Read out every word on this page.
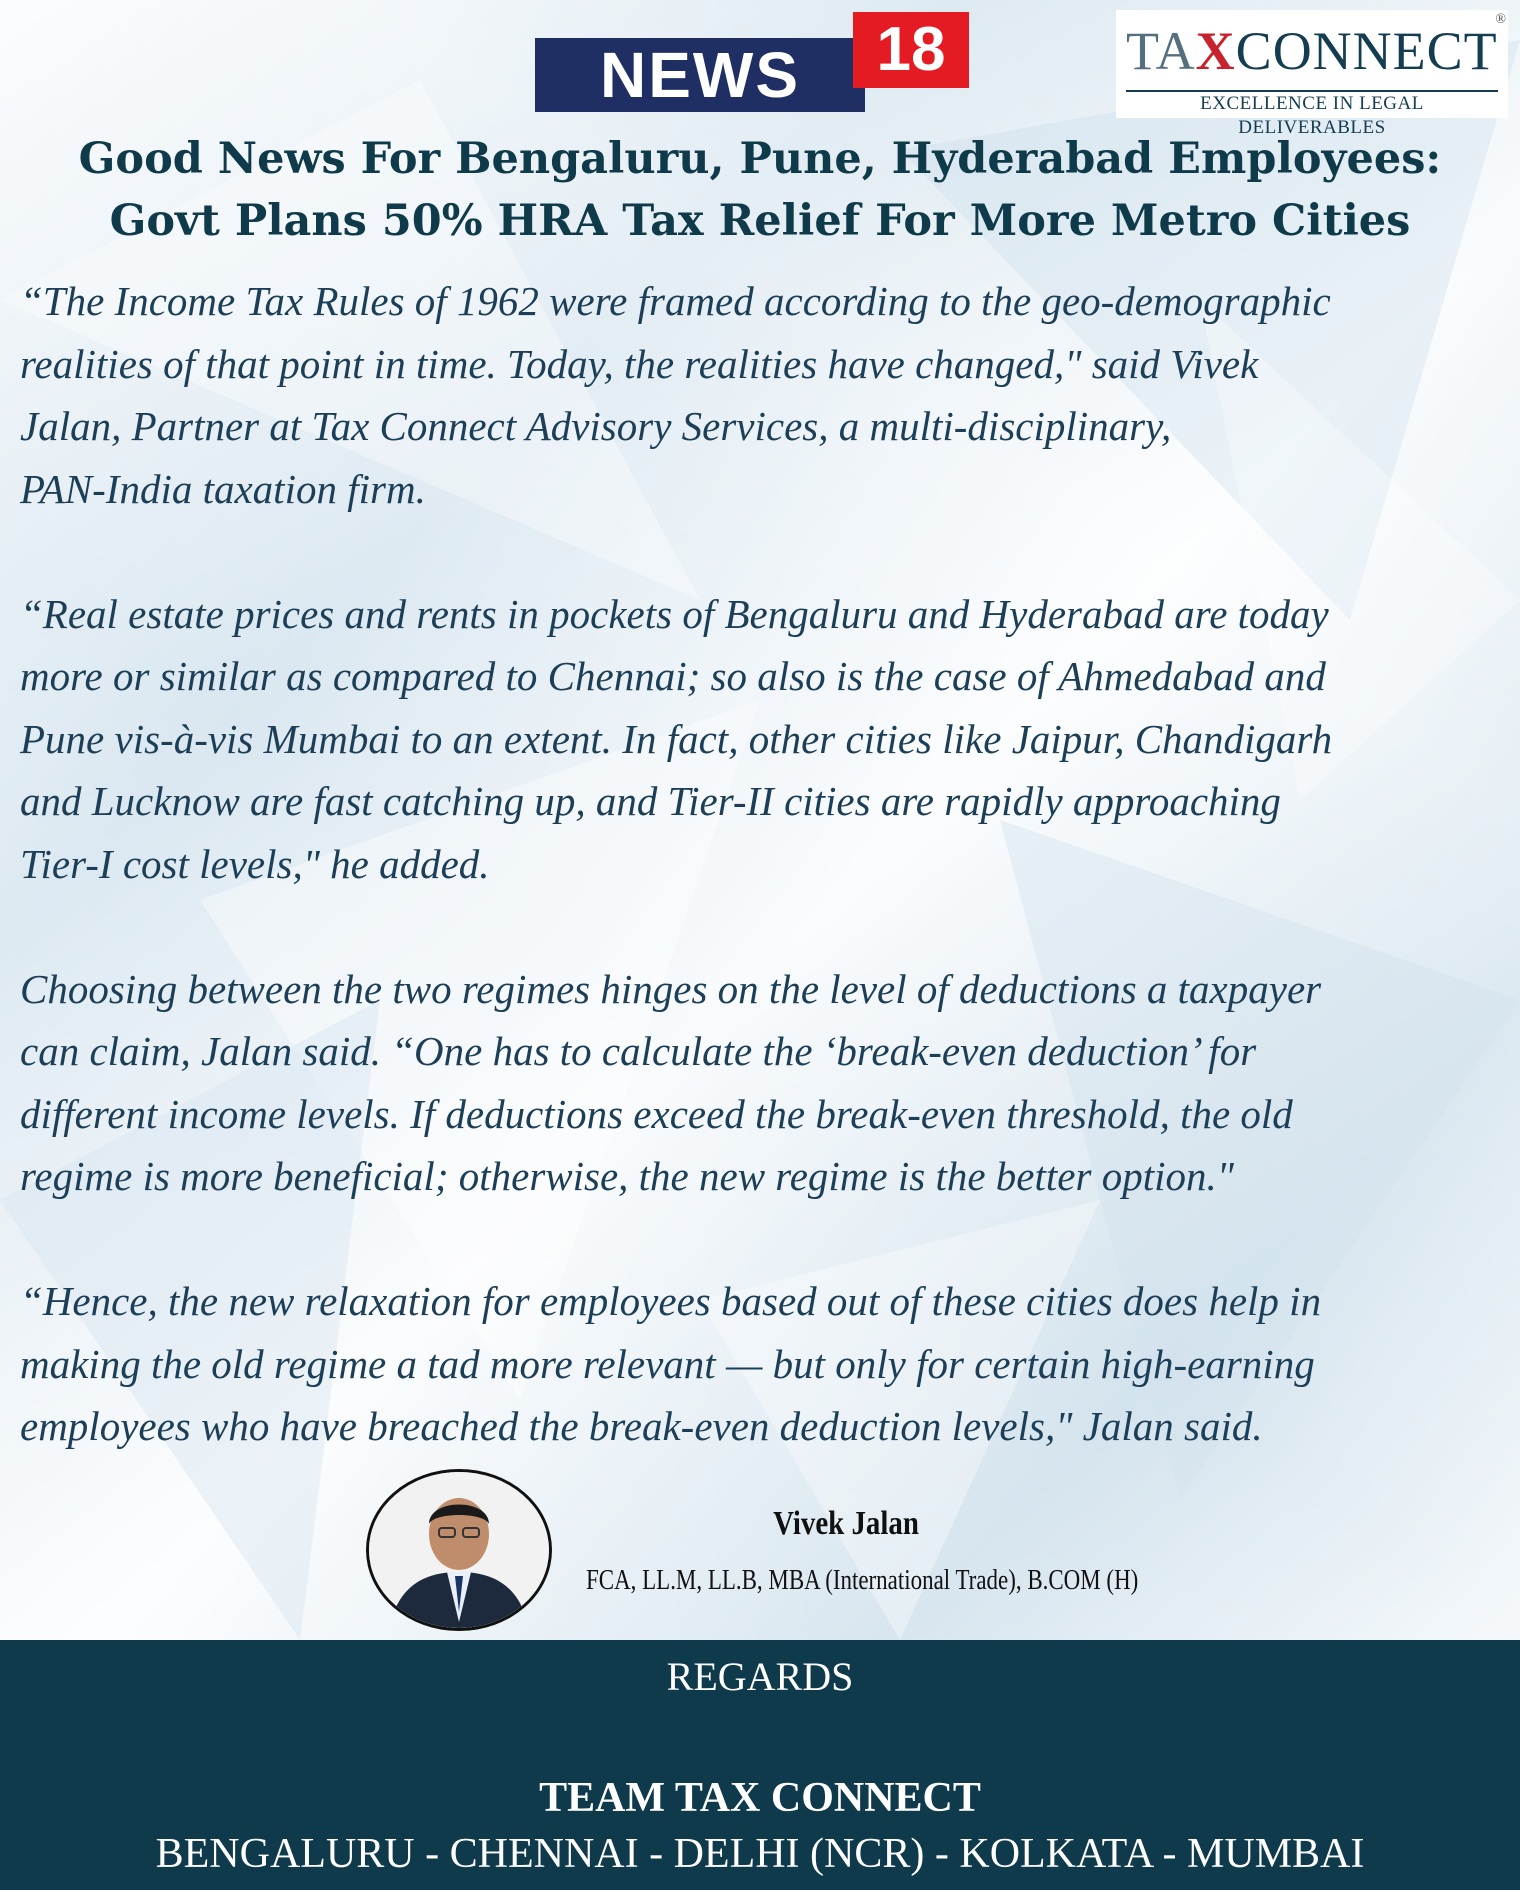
NEWS	18	TAXCONNECT
®
EXCELLENCE IN LEGAL DELIVERABLES
Good News For Bengaluru, Pune, Hyderabad Employees:
Govt Plans 50% HRA Tax Relief For More Metro Cities

“The Income Tax Rules of 1962 were framed according to the geo-demographic
realities of that point in time. Today, the realities have changed," said Vivek
Jalan, Partner at Tax Connect Advisory Services, a multi-disciplinary,
PAN-India taxation firm.

“Real estate prices and rents in pockets of Bengaluru and Hyderabad are today
more or similar as compared to Chennai; so also is the case of Ahmedabad and
Pune vis-à-vis Mumbai to an extent. In fact, other cities like Jaipur, Chandigarh
and Lucknow are fast catching up, and Tier-II cities are rapidly approaching
Tier-I cost levels," he added.

Choosing between the two regimes hinges on the level of deductions a taxpayer
can claim, Jalan said. “One has to calculate the ‘break-even deduction’ for
different income levels. If deductions exceed the break-even threshold, the old
regime is more beneficial; otherwise, the new regime is the better option."

“Hence, the new relaxation for employees based out of these cities does help in
making the old regime a tad more relevant — but only for certain high-earning
employees who have breached the break-even deduction levels," Jalan said.

Vivek Jalan
FCA, LL.M, LL.B, MBA (International Trade), B.COM (H)
REGARDS
TEAM TAX CONNECT
BENGALURU - CHENNAI - DELHI (NCR) - KOLKATA - MUMBAI
